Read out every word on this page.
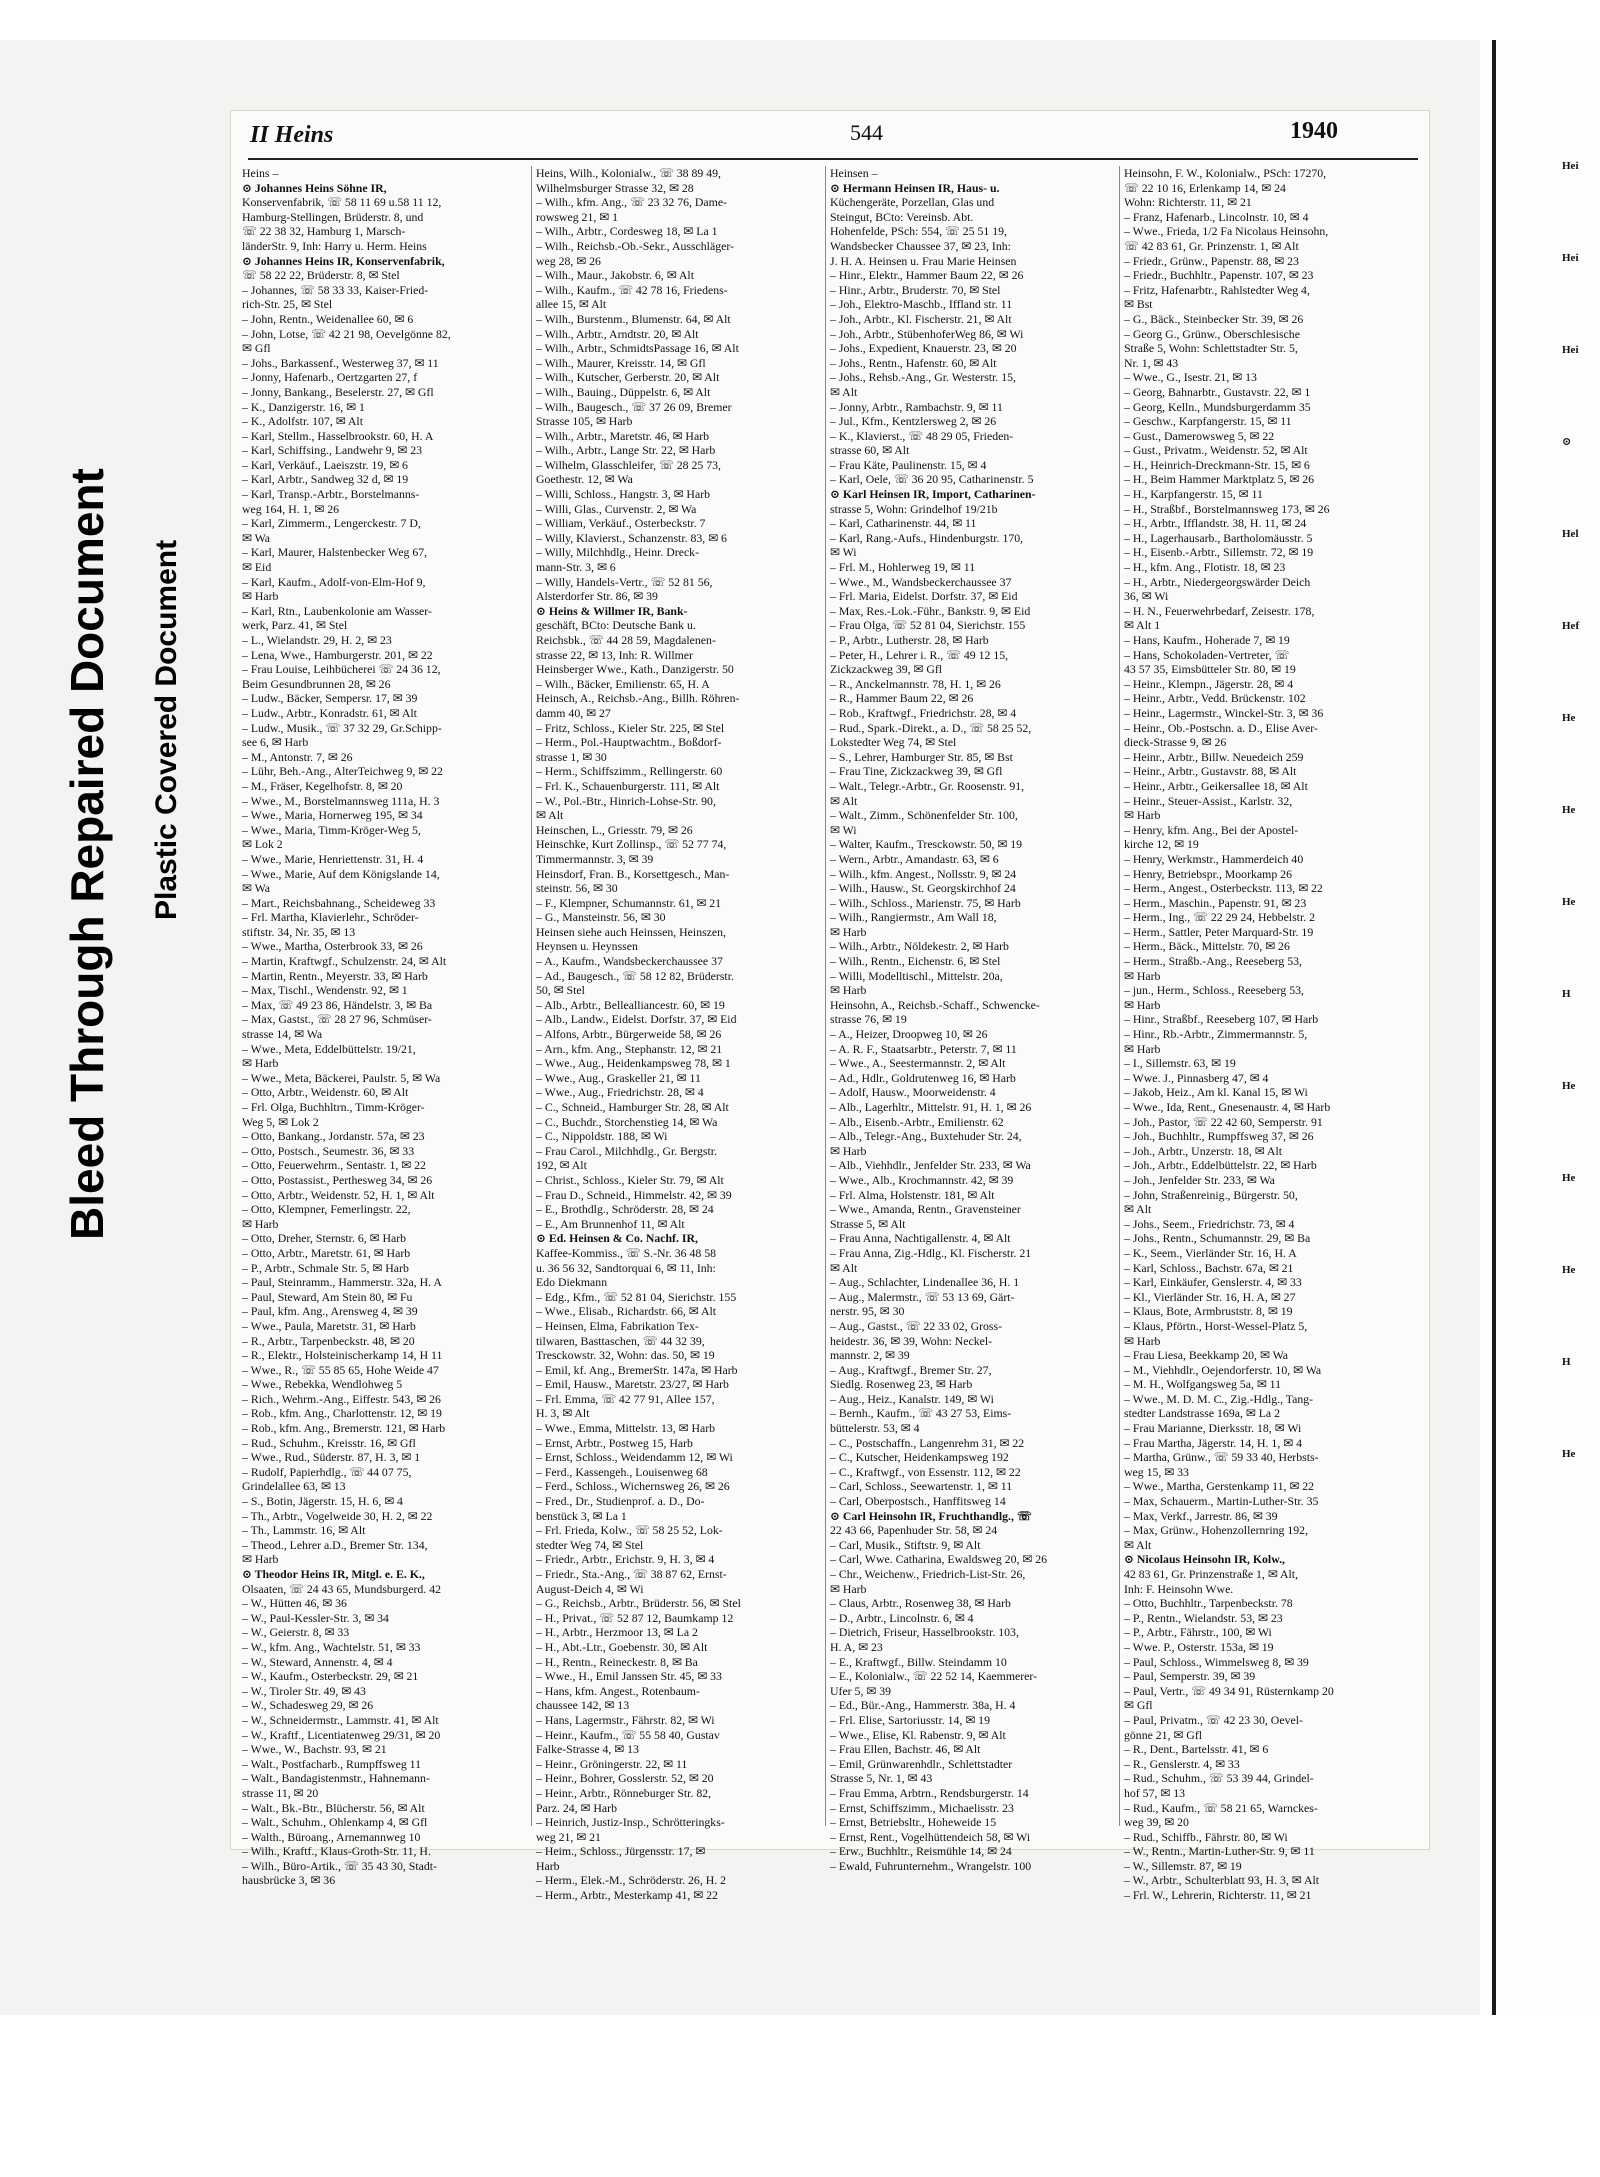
Bleed Through Repaired Document Plastic Covered Document
II Heins	544	1940

Heins –

⊙ Johannes Heins Söhne IR,

Konservenfabrik, ☏ 58 11 69 u.58 11 12,

Hamburg-Stellingen, Brüderstr. 8, und

☏ 22 38 32, Hamburg 1, Marsch-

länderStr. 9, Inh: Harry u. Herm. Heins

⊙ Johannes Heins IR, Konservenfabrik,

☏ 58 22 22, Brüderstr. 8, ✉ Stel

– Johannes, ☏ 58 33 33, Kaiser-Fried-

rich-Str. 25, ✉ Stel

– John, Rentn., Weidenallee 60, ✉ 6

– John, Lotse, ☏ 42 21 98, Oevelgönne 82,

✉ Gfl

– Johs., Barkassenf., Westerweg 37, ✉ 11

– Jonny, Hafenarb., Oertzgarten 27, f

– Jonny, Bankang., Beselerstr. 27, ✉ Gfl

– K., Danzigerstr. 16, ✉ 1

– K., Adolfstr. 107, ✉ Alt

– Karl, Stellm., Hasselbrookstr. 60, H. A

– Karl, Schiffsing., Landwehr 9, ✉ 23

– Karl, Verkäuf., Laeiszstr. 19, ✉ 6

– Karl, Arbtr., Sandweg 32 d, ✉ 19

– Karl, Transp.-Arbtr., Borstelmanns-

weg 164, H. 1, ✉ 26

– Karl, Zimmerm., Lengerckestr. 7 D,

✉ Wa

– Karl, Maurer, Halstenbecker Weg 67,

✉ Eid

– Karl, Kaufm., Adolf-von-Elm-Hof 9,

✉ Harb

– Karl, Rtn., Laubenkolonie am Wasser-

werk, Parz. 41, ✉ Stel

– L., Wielandstr. 29, H. 2, ✉ 23

– Lena, Wwe., Hamburgerstr. 201, ✉ 22

– Frau Louise, Leihbücherei ☏ 24 36 12,

Beim Gesundbrunnen 28, ✉ 26

– Ludw., Bäcker, Sempersr. 17, ✉ 39

– Ludw., Arbtr., Konradstr. 61, ✉ Alt

– Ludw., Musik., ☏ 37 32 29, Gr.Schipp-

see 6, ✉ Harb

– M., Antonstr. 7, ✉ 26

– Lühr, Beh.-Ang., AlterTeichweg 9, ✉ 22

– M., Fräser, Kegelhofstr. 8, ✉ 20

– Wwe., M., Borstelmannsweg 111a, H. 3

– Wwe., Maria, Hornerweg 195, ✉ 34

– Wwe., Maria, Timm-Kröger-Weg 5,

✉ Lok 2

– Wwe., Marie, Henriettenstr. 31, H. 4

– Wwe., Marie, Auf dem Königslande 14,

✉ Wa

– Mart., Reichsbahnang., Scheideweg 33

– Frl. Martha, Klavierlehr., Schröder-

stiftstr. 34, Nr. 35, ✉ 13

– Wwe., Martha, Osterbrook 33, ✉ 26

– Martin, Kraftwgf., Schulzenstr. 24, ✉ Alt

– Martin, Rentn., Meyerstr. 33, ✉ Harb

– Max, Tischl., Wendenstr. 92, ✉ 1

– Max, ☏ 49 23 86, Händelstr. 3, ✉ Ba

– Max, Gastst., ☏ 28 27 96, Schmüser-

strasse 14, ✉ Wa

– Wwe., Meta, Eddelbüttelstr. 19/21,

✉ Harb

– Wwe., Meta, Bäckerei, Paulstr. 5, ✉ Wa

– Otto, Arbtr., Weidenstr. 60, ✉ Alt

– Frl. Olga, Buchhltrn., Timm-Kröger-

Weg 5, ✉ Lok 2

– Otto, Bankang., Jordanstr. 57a, ✉ 23

– Otto, Postsch., Seumestr. 36, ✉ 33

– Otto, Feuerwehrm., Sentastr. 1, ✉ 22

– Otto, Postassist., Perthesweg 34, ✉ 26

– Otto, Arbtr., Weidenstr. 52, H. 1, ✉ Alt

– Otto, Klempner, Femerlingstr. 22,

✉ Harb

– Otto, Dreher, Sternstr. 6, ✉ Harb

– Otto, Arbtr., Maretstr. 61, ✉ Harb

– P., Arbtr., Schmale Str. 5, ✉ Harb

– Paul, Steinramm., Hammerstr. 32a, H. A

– Paul, Steward, Am Stein 80, ✉ Fu

– Paul, kfm. Ang., Arensweg 4, ✉ 39

– Wwe., Paula, Maretstr. 31, ✉ Harb

– R., Arbtr., Tarpenbeckstr. 48, ✉ 20

– R., Elektr., Holsteinischerkamp 14, H 11

– Wwe., R., ☏ 55 85 65, Hohe Weide 47

– Wwe., Rebekka, Wendlohweg 5

– Rich., Wehrm.-Ang., Eiffestr. 543, ✉ 26

– Rob., kfm. Ang., Charlottenstr. 12, ✉ 19

– Rob., kfm. Ang., Bremerstr. 121, ✉ Harb

– Rud., Schuhm., Kreisstr. 16, ✉ Gfl

– Wwe., Rud., Süderstr. 87, H. 3, ✉ 1

– Rudolf, Papierhdlg., ☏ 44 07 75,

Grindelallee 63, ✉ 13

– S., Botin, Jägerstr. 15, H. 6, ✉ 4

– Th., Arbtr., Vogelweide 30, H. 2, ✉ 22

– Th., Lammstr. 16, ✉ Alt

– Theod., Lehrer a.D., Bremer Str. 134,

✉ Harb

⊙ Theodor Heins IR, Mitgl. e. E. K.,

Olsaaten, ☏ 24 43 65, Mundsburgerd. 42

– W., Hütten 46, ✉ 36

– W., Paul-Kessler-Str. 3, ✉ 34

– W., Geierstr. 8, ✉ 33

– W., kfm. Ang., Wachtelstr. 51, ✉ 33

– W., Steward, Annenstr. 4, ✉ 4

– W., Kaufm., Osterbeckstr. 29, ✉ 21

– W., Tiroler Str. 49, ✉ 43

– W., Schadesweg 29, ✉ 26

– W., Schneidermstr., Lammstr. 41, ✉ Alt

– W., Kraftf., Licentiatenweg 29/31, ✉ 20

– Wwe., W., Bachstr. 93, ✉ 21

– Walt., Postfacharb., Rumpffsweg 11

– Walt., Bandagistenmstr., Hahnemann-

strasse 11, ✉ 20

– Walt., Bk.-Btr., Blücherstr. 56, ✉ Alt

– Walt., Schuhm., Ohlenkamp 4, ✉ Gfl

– Walth., Büroang., Arnemannweg 10

– Wilh., Kraftf., Klaus-Groth-Str. 11, H.

– Wilh., Büro-Artik., ☏ 35 43 30, Stadt-

hausbrücke 3, ✉ 36

Heins, Wilh., Kolonialw., ☏ 38 89 49,

Wilhelmsburger Strasse 32, ✉ 28

– Wilh., kfm. Ang., ☏ 23 32 76, Dame-

rowsweg 21, ✉ 1

– Wilh., Arbtr., Cordesweg 18, ✉ La 1

– Wilh., Reichsb.-Ob.-Sekr., Ausschläger-

weg 28, ✉ 26

– Wilh., Maur., Jakobstr. 6, ✉ Alt

– Wilh., Kaufm., ☏ 42 78 16, Friedens-

allee 15, ✉ Alt

– Wilh., Burstenm., Blumenstr. 64, ✉ Alt

– Wilh., Arbtr., Arndtstr. 20, ✉ Alt

– Wilh., Arbtr., SchmidtsPassage 16, ✉ Alt

– Wilh., Maurer, Kreisstr. 14, ✉ Gfl

– Wilh., Kutscher, Gerberstr. 20, ✉ Alt

– Wilh., Bauing., Düppelstr. 6, ✉ Alt

– Wilh., Baugesch., ☏ 37 26 09, Bremer

Strasse 105, ✉ Harb

– Wilh., Arbtr., Maretstr. 46, ✉ Harb

– Wilh., Arbtr., Lange Str. 22, ✉ Harb

– Wilhelm, Glasschleifer, ☏ 28 25 73,

Goethestr. 12, ✉ Wa

– Willi, Schloss., Hangstr. 3, ✉ Harb

– Willi, Glas., Curvenstr. 2, ✉ Wa

– William, Verkäuf., Osterbeckstr. 7

– Willy, Klavierst., Schanzenstr. 83, ✉ 6

– Willy, Milchhdlg., Heinr. Dreck-

mann-Str. 3, ✉ 6

– Willy, Handels-Vertr., ☏ 52 81 56,

Alsterdorfer Str. 86, ✉ 39

⊙ Heins & Willmer IR, Bank-

geschäft, BCto: Deutsche Bank u.

Reichsbk., ☏ 44 28 59, Magdalenen-

strasse 22, ✉ 13, Inh: R. Willmer

Heinsberger Wwe., Kath., Danzigerstr. 50

– Wilh., Bäcker, Emilienstr. 65, H. A

Heinsch, A., Reichsb.-Ang., Billh. Röhren-

damm 40, ✉ 27

– Fritz, Schloss., Kieler Str. 225, ✉ Stel

– Herm., Pol.-Hauptwachtm., Boßdorf-

strasse 1, ✉ 30

– Herm., Schiffszimm., Rellingerstr. 60

– Frl. K., Schauenburgerstr. 111, ✉ Alt

– W., Pol.-Btr., Hinrich-Lohse-Str. 90,

✉ Alt

Heinschen, L., Griesstr. 79, ✉ 26

Heinschke, Kurt Zollinsp., ☏ 52 77 74,

Timmermannstr. 3, ✉ 39

Heinsdorf, Fran. B., Korsettgesch., Man-

steinstr. 56, ✉ 30

– F., Klempner, Schumannstr. 61, ✉ 21

– G., Mansteinstr. 56, ✉ 30

Heinsen siehe auch Heinssen, Heinszen,

Heynsen u. Heynssen

– A., Kaufm., Wandsbeckerchaussee 37

– Ad., Baugesch., ☏ 58 12 82, Brüderstr.

50, ✉ Stel

– Alb., Arbtr., Bellealliancestr. 60, ✉ 19

– Alb., Landw., Eidelst. Dorfstr. 37, ✉ Eid

– Alfons, Arbtr., Bürgerweide 58, ✉ 26

– Arn., kfm. Ang., Stephanstr. 12, ✉ 21

– Wwe., Aug., Heidenkampsweg 78, ✉ 1

– Wwe., Aug., Graskeller 21, ✉ 11

– Wwe., Aug., Friedrichstr. 28, ✉ 4

– C., Schneid., Hamburger Str. 28, ✉ Alt

– C., Buchdr., Storchenstieg 14, ✉ Wa

– C., Nippoldstr. 188, ✉ Wi

– Frau Carol., Milchhdlg., Gr. Bergstr.

192, ✉ Alt

– Christ., Schloss., Kieler Str. 79, ✉ Alt

– Frau D., Schneid., Himmelstr. 42, ✉ 39

– E., Brothdlg., Schröderstr. 28, ✉ 24

– E., Am Brunnenhof 11, ✉ Alt

⊙ Ed. Heinsen & Co. Nachf. IR,

Kaffee-Kommiss., ☏ S.-Nr. 36 48 58

u. 36 56 32, Sandtorquai 6, ✉ 11, Inh:

Edo Diekmann

– Edg., Kfm., ☏ 52 81 04, Sierichstr. 155

– Wwe., Elisab., Richardstr. 66, ✉ Alt

– Heinsen, Elma, Fabrikation Tex-

tilwaren, Basttaschen, ☏ 44 32 39,

Tresckowstr. 32, Wohn: das. 50, ✉ 19

– Emil, kf. Ang., BremerStr. 147a, ✉ Harb

– Emil, Hausw., Maretstr. 23/27, ✉ Harb

– Frl. Emma, ☏ 42 77 91, Allee 157,

H. 3, ✉ Alt

– Wwe., Emma, Mittelstr. 13, ✉ Harb

– Ernst, Arbtr., Postweg 15, Harb

– Ernst, Schloss., Weidendamm 12, ✉ Wi

– Ferd., Kassengeh., Louisenweg 68

– Ferd., Schloss., Wichernsweg 26, ✉ 26

– Fred., Dr., Studienprof. a. D., Do-

benstück 3, ✉ La 1

– Frl. Frieda, Kolw., ☏ 58 25 52, Lok-

stedter Weg 74, ✉ Stel

– Friedr., Arbtr., Erichstr. 9, H. 3, ✉ 4

– Friedr., Sta.-Ang., ☏ 38 87 62, Ernst-

August-Deich 4, ✉ Wi

– G., Reichsb., Arbtr., Brüderstr. 56, ✉ Stel

– H., Privat., ☏ 52 87 12, Baumkamp 12

– H., Arbtr., Herzmoor 13, ✉ La 2

– H., Abt.-Ltr., Goebenstr. 30, ✉ Alt

– H., Rentn., Reineckestr. 8, ✉ Ba

– Wwe., H., Emil Janssen Str. 45, ✉ 33

– Hans, kfm. Angest., Rotenbaum-

chaussee 142, ✉ 13

– Hans, Lagermstr., Fährstr. 82, ✉ Wi

– Heinr., Kaufm., ☏ 55 58 40, Gustav

Falke-Strasse 4, ✉ 13

– Heinr., Gröningerstr. 22, ✉ 11

– Heinr., Bohrer, Gosslerstr. 52, ✉ 20

– Heinr., Arbtr., Rönneburger Str. 82,

Parz. 24, ✉ Harb

– Heinrich, Justiz-Insp., Schrötteringks-

weg 21, ✉ 21

– Heim., Schloss., Jürgensstr. 17, ✉

Harb

– Herm., Elek.-M., Schröderstr. 26, H. 2

– Herm., Arbtr., Mesterkamp 41, ✉ 22

Heinsen –

⊙ Hermann Heinsen IR, Haus- u.

Küchengeräte, Porzellan, Glas und

Steingut, BCto: Vereinsb. Abt.

Hohenfelde, PSch: 554, ☏ 25 51 19,

Wandsbecker Chaussee 37, ✉ 23, Inh:

J. H. A. Heinsen u. Frau Marie Heinsen

– Hinr., Elektr., Hammer Baum 22, ✉ 26

– Hinr., Arbtr., Bruderstr. 70, ✉ Stel

– Joh., Elektro-Maschb., Iffland str. 11

– Joh., Arbtr., Kl. Fischerstr. 21, ✉ Alt

– Joh., Arbtr., StübenhoferWeg 86, ✉ Wi

– Johs., Expedient, Knauerstr. 23, ✉ 20

– Johs., Rentn., Hafenstr. 60, ✉ Alt

– Johs., Rehsb.-Ang., Gr. Westerstr. 15,

✉ Alt

– Jonny, Arbtr., Rambachstr. 9, ✉ 11

– Jul., Kfm., Kentzlersweg 2, ✉ 26

– K., Klavierst., ☏ 48 29 05, Frieden-

strasse 60, ✉ Alt

– Frau Käte, Paulinenstr. 15, ✉ 4

– Karl, Oele, ☏ 36 20 95, Catharinenstr. 5

⊙ Karl Heinsen IR, Import, Catharinen-

strasse 5, Wohn: Grindelhof 19/21b

– Karl, Catharinenstr. 44, ✉ 11

– Karl, Rang.-Aufs., Hindenburgstr. 170,

✉ Wi

– Frl. M., Hohlerweg 19, ✉ 11

– Wwe., M., Wandsbeckerchaussee 37

– Frl. Maria, Eidelst. Dorfstr. 37, ✉ Eid

– Max, Res.-Lok.-Führ., Bankstr. 9, ✉ Eid

– Frau Olga, ☏ 52 81 04, Sierichstr. 155

– P., Arbtr., Lutherstr. 28, ✉ Harb

– Peter, H., Lehrer i. R., ☏ 49 12 15,

Zickzackweg 39, ✉ Gfl

– R., Anckelmannstr. 78, H. 1, ✉ 26

– R., Hammer Baum 22, ✉ 26

– Rob., Kraftwgf., Friedrichstr. 28, ✉ 4

– Rud., Spark.-Direkt., a. D., ☏ 58 25 52,

Lokstedter Weg 74, ✉ Stel

– S., Lehrer, Hamburger Str. 85, ✉ Bst

– Frau Tine, Zickzackweg 39, ✉ Gfl

– Walt., Telegr.-Arbtr., Gr. Roosenstr. 91,

✉ Alt

– Walt., Zimm., Schönenfelder Str. 100,

✉ Wi

– Walter, Kaufm., Tresckowstr. 50, ✉ 19

– Wern., Arbtr., Amandastr. 63, ✉ 6

– Wilh., kfm. Angest., Nollsstr. 9, ✉ 24

– Wilh., Hausw., St. Georgskirchhof 24

– Wilh., Schloss., Marienstr. 75, ✉ Harb

– Wilh., Rangiermstr., Am Wall 18,

✉ Harb

– Wilh., Arbtr., Nöldekestr. 2, ✉ Harb

– Wilh., Rentn., Eichenstr. 6, ✉ Stel

– Willi, Modelltischl., Mittelstr. 20a,

✉ Harb

Heinsohn, A., Reichsb.-Schaff., Schwencke-

strasse 76, ✉ 19

– A., Heizer, Droopweg 10, ✉ 26

– A. R. F., Staatsarbtr., Peterstr. 7, ✉ 11

– Wwe., A., Seestermannstr. 2, ✉ Alt

– Ad., Hdlr., Goldrutenweg 16, ✉ Harb

– Adolf, Hausw., Moorweidenstr. 4

– Alb., Lagerhltr., Mittelstr. 91, H. 1, ✉ 26

– Alb., Eisenb.-Arbtr., Emilienstr. 62

– Alb., Telegr.-Ang., Buxtehuder Str. 24,

✉ Harb

– Alb., Viehhdlr., Jenfelder Str. 233, ✉ Wa

– Wwe., Alb., Krochmannstr. 42, ✉ 39

– Frl. Alma, Holstenstr. 181, ✉ Alt

– Wwe., Amanda, Rentn., Gravensteiner

Strasse 5, ✉ Alt

– Frau Anna, Nachtigallenstr. 4, ✉ Alt

– Frau Anna, Zig.-Hdlg., Kl. Fischerstr. 21

✉ Alt

– Aug., Schlachter, Lindenallee 36, H. 1

– Aug., Malermstr., ☏ 53 13 69, Gärt-

nerstr. 95, ✉ 30

– Aug., Gastst., ☏ 22 33 02, Gross-

heidestr. 36, ✉ 39, Wohn: Neckel-

mannstr. 2, ✉ 39

– Aug., Kraftwgf., Bremer Str. 27,

Siedlg. Rosenweg 23, ✉ Harb

– Aug., Heiz., Kanalstr. 149, ✉ Wi

– Bernh., Kaufm., ☏ 43 27 53, Eims-

büttelerstr. 53, ✉ 4

– C., Postschaffn., Langenrehm 31, ✉ 22

– C., Kutscher, Heidenkampsweg 192

– C., Kraftwgf., von Essenstr. 112, ✉ 22

– Carl, Schloss., Seewartenstr. 1, ✉ 11

– Carl, Oberpostsch., Hanffitsweg 14

⊙ Carl Heinsohn IR, Fruchthandlg., ☏

22 43 66, Papenhuder Str. 58, ✉ 24

– Carl, Musik., Stiftstr. 9, ✉ Alt

– Carl, Wwe. Catharina, Ewaldsweg 20, ✉ 26

– Chr., Weichenw., Friedrich-List-Str. 26,

✉ Harb

– Claus, Arbtr., Rosenweg 38, ✉ Harb

– D., Arbtr., Lincolnstr. 6, ✉ 4

– Dietrich, Friseur, Hasselbrookstr. 103,

H. A, ✉ 23

– E., Kraftwgf., Billw. Steindamm 10

– E., Kolonialw., ☏ 22 52 14, Kaemmerer-

Ufer 5, ✉ 39

– Ed., Bür.-Ang., Hammerstr. 38a, H. 4

– Frl. Elise, Sartoriusstr. 14, ✉ 19

– Wwe., Elise, Kl. Rabenstr. 9, ✉ Alt

– Frau Ellen, Bachstr. 46, ✉ Alt

– Emil, Grünwarenhdlr., Schlettstadter

Strasse 5, Nr. 1, ✉ 43

– Frau Emma, Arbtrn., Rendsburgerstr. 14

– Ernst, Schiffszimm., Michaelisstr. 23

– Ernst, Betriebsltr., Hoheweide 15

– Ernst, Rent., Vogelhüttendeich 58, ✉ Wi

– Erw., Buchhltr., Reismühle 14, ✉ 24

– Ewald, Fuhrunternehm., Wrangelstr. 100

Heinsohn, F. W., Kolonialw., PSch: 17270,

☏ 22 10 16, Erlenkamp 14, ✉ 24

Wohn: Richterstr. 11, ✉ 21

– Franz, Hafenarb., Lincolnstr. 10, ✉ 4

– Wwe., Frieda, 1/2 Fa Nicolaus Heinsohn,

☏ 42 83 61, Gr. Prinzenstr. 1, ✉ Alt

– Friedr., Grünw., Papenstr. 88, ✉ 23

– Friedr., Buchhltr., Papenstr. 107, ✉ 23

– Fritz, Hafenarbtr., Rahlstedter Weg 4,

✉ Bst

– G., Bäck., Steinbecker Str. 39, ✉ 26

– Georg G., Grünw., Oberschlesische

Straße 5, Wohn: Schlettstadter Str. 5,

Nr. 1, ✉ 43

– Wwe., G., Isestr. 21, ✉ 13

– Georg, Bahnarbtr., Gustavstr. 22, ✉ 1

– Georg, Kelln., Mundsburgerdamm 35

– Geschw., Karpfangerstr. 15, ✉ 11

– Gust., Damerowsweg 5, ✉ 22

– Gust., Privatm., Weidenstr. 52, ✉ Alt

– H., Heinrich-Dreckmann-Str. 15, ✉ 6

– H., Beim Hammer Marktplatz 5, ✉ 26

– H., Karpfangerstr. 15, ✉ 11

– H., Straßbf., Borstelmannsweg 173, ✉ 26

– H., Arbtr., Ifflandstr. 38, H. 11, ✉ 24

– H., Lagerhausarb., Bartholomäusstr. 5

– H., Eisenb.-Arbtr., Sillemstr. 72, ✉ 19

– H., kfm. Ang., Flotistr. 18, ✉ 23

– H., Arbtr., Niedergeorgswärder Deich

36, ✉ Wi

– H. N., Feuerwehrbedarf, Zeisestr. 178,

✉ Alt 1

– Hans, Kaufm., Hoherade 7, ✉ 19

– Hans, Schokoladen-Vertreter, ☏

43 57 35, Eimsbütteler Str. 80, ✉ 19

– Heinr., Klempn., Jägerstr. 28, ✉ 4

– Heinr., Arbtr., Vedd. Brückenstr. 102

– Heinr., Lagermstr., Winckel-Str. 3, ✉ 36

– Heinr., Ob.-Postschn. a. D., Elise Aver-

dieck-Strasse 9, ✉ 26

– Heinr., Arbtr., Billw. Neuedeich 259

– Heinr., Arbtr., Gustavstr. 88, ✉ Alt

– Heinr., Arbtr., Geikersallee 18, ✉ Alt

– Heinr., Steuer-Assist., Karlstr. 32,

✉ Harb

– Henry, kfm. Ang., Bei der Apostel-

kirche 12, ✉ 19

– Henry, Werkmstr., Hammerdeich 40

– Henry, Betriebspr., Moorkamp 26

– Herm., Angest., Osterbeckstr. 113, ✉ 22

– Herm., Maschin., Papenstr. 91, ✉ 23

– Herm., Ing., ☏ 22 29 24, Hebbelstr. 2

– Herm., Sattler, Peter Marquard-Str. 19

– Herm., Bäck., Mittelstr. 70, ✉ 26

– Herm., Straßb.-Ang., Reeseberg 53,

✉ Harb

– jun., Herm., Schloss., Reeseberg 53,

✉ Harb

– Hinr., Straßbf., Reeseberg 107, ✉ Harb

– Hinr., Rb.-Arbtr., Zimmermannstr. 5,

✉ Harb

– I., Sillemstr. 63, ✉ 19

– Wwe. J., Pinnasberg 47, ✉ 4

– Jakob, Heiz., Am kl. Kanal 15, ✉ Wi

– Wwe., Ida, Rent., Gnesenaustr. 4, ✉ Harb

– Joh., Pastor, ☏ 22 42 60, Semperstr. 91

– Joh., Buchhltr., Rumpffsweg 37, ✉ 26

– Joh., Arbtr., Unzerstr. 18, ✉ Alt

– Joh., Arbtr., Eddelbüttelstr. 22, ✉ Harb

– Joh., Jenfelder Str. 233, ✉ Wa

– John, Straßenreinig., Bürgerstr. 50,

✉ Alt

– Johs., Seem., Friedrichstr. 73, ✉ 4

– Johs., Rentn., Schumannstr. 29, ✉ Ba

– K., Seem., Vierländer Str. 16, H. A

– Karl, Schloss., Bachstr. 67a, ✉ 21

– Karl, Einkäufer, Genslerstr. 4, ✉ 33

– Kl., Vierländer Str. 16, H. A, ✉ 27

– Klaus, Bote, Armbruststr. 8, ✉ 19

– Klaus, Pförtn., Horst-Wessel-Platz 5,

✉ Harb

– Frau Liesa, Beekkamp 20, ✉ Wa

– M., Viehhdlr., Oejendorferstr. 10, ✉ Wa

– M. H., Wolfgangsweg 5a, ✉ 11

– Wwe., M. D. M. C., Zig.-Hdlg., Tang-

stedter Landstrasse 169a, ✉ La 2

– Frau Marianne, Dierksstr. 18, ✉ Wi

– Frau Martha, Jägerstr. 14, H. 1, ✉ 4

– Martha, Grünw., ☏ 59 33 40, Herbsts-

weg 15, ✉ 33

– Wwe., Martha, Gerstenkamp 11, ✉ 22

– Max, Schauerm., Martin-Luther-Str. 35

– Max, Verkf., Jarrestr. 86, ✉ 39

– Max, Grünw., Hohenzollernring 192,

✉ Alt

⊙ Nicolaus Heinsohn IR, Kolw.,

42 83 61, Gr. Prinzenstraße 1, ✉ Alt,

Inh: F. Heinsohn Wwe.

– Otto, Buchhltr., Tarpenbeckstr. 78

– P., Rentn., Wielandstr. 53, ✉ 23

– P., Arbtr., Fährstr., 100, ✉ Wi

– Wwe. P., Osterstr. 153a, ✉ 19

– Paul, Schloss., Wimmelsweg 8, ✉ 39

– Paul, Semperstr. 39, ✉ 39

– Paul, Vertr., ☏ 49 34 91, Rüsternkamp 20

✉ Gfl

– Paul, Privatm., ☏ 42 23 30, Oevel-

gönne 21, ✉ Gfl

– R., Dent., Bartelsstr. 41, ✉ 6

– R., Genslerstr. 4, ✉ 33

– Rud., Schuhm., ☏ 53 39 44, Grindel-

hof 57, ✉ 13

– Rud., Kaufm., ☏ 58 21 65, Warnckes-

weg 39, ✉ 20

– Rud., Schiffb., Fährstr. 80, ✉ Wi

– W., Rentn., Martin-Luther-Str. 9, ✉ 11

– W., Sillemstr. 87, ✉ 19

– W., Arbtr., Schulterblatt 93, H. 3, ✉ Alt

– Frl. W., Lehrerin, Richterstr. 11, ✉ 21

Hei
Hei
Hei
⊙
Hel
Hef
He
He
He
H
He
He
He
H
He
